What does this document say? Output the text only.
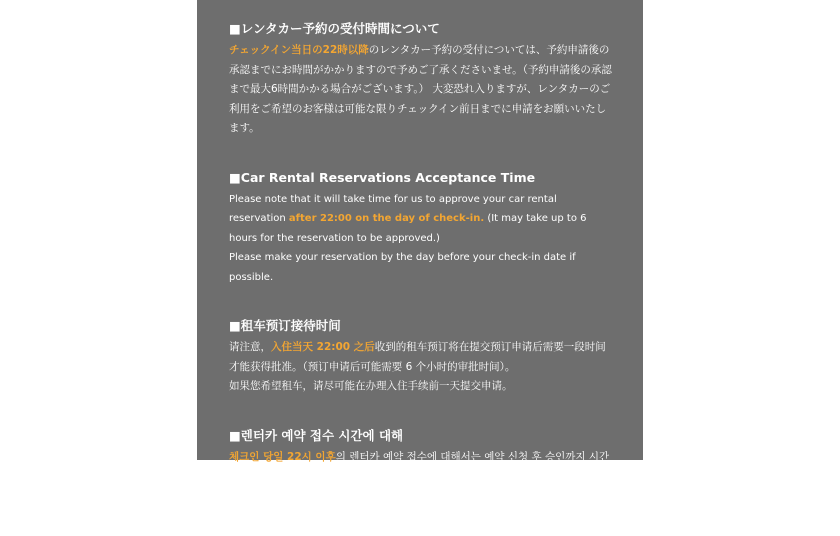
■レンタカー予約の受付時間について

チェックイン当日の22時以降のレンタカー予約の受付については、予約申請後の承認までにお時間がかかりますので予めご了承くださいませ。（予約申請後の承認まで最大6時間かかる場合がございます。） 大変恐れ入りますが、レンタカーのご利用をご希望のお客様は可能な限りチェックイン前日までに申請をお願いいたします。

■Car Rental Reservations Acceptance Time

Please note that it will take time for us to approve your car rental reservation after 22:00 on the day of check-in. (It may take up to 6 hours for the reservation to be approved.)
Please make your reservation by the day before your check-in date if possible.

■租车预订接待时间

请注意，入住当天 22:00 之后收到的租车预订将在提交预订申请后需要一段时间才能获得批准。（预订申请后可能需要 6 个小时的审批时间）。
如果您希望租车，请尽可能在办理入住手续前一天提交申请。

■렌터카 예약 접수 시간에 대해

체크인 당일 22시 이후의 렌터카 예약 접수에 대해서는 예약 신청 후 승인까지 시간이 걸리므로 양해 부탁드립니다. (예약 신청 후 승인까지 최대 6시간이 소요될 수 있습니다.)
